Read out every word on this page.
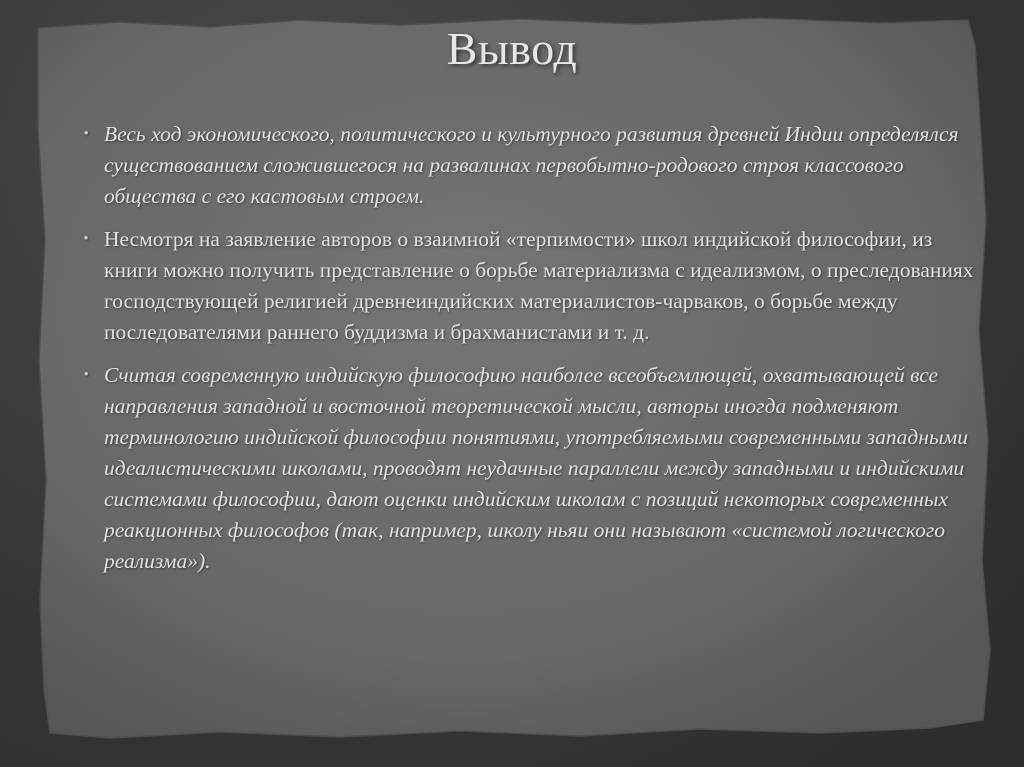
Вывод
• Весь ход экономического, политического и культурного развития древней Индии определялся существованием сложившегося на развалинах первобытно-родового строя классового общества с его кастовым строем.
• Несмотря на заявление авторов о взаимной «терпимости» школ индийской философии, из книги можно получить представление о борьбе материализма с идеализмом, о преследованиях господствующей религией древнеиндийских материалистов-чарваков, о борьбе между последователями раннего буддизма и брахманистами и т. д.
• Считая современную индийскую философию наиболее всеобъемлющей, охватывающей все направления западной и восточной теоретической мысли, авторы иногда подменяют терминологию индийской философии понятиями, употребляемыми современными западными идеалистическими школами, проводят неудачные параллели между западными и индийскими системами философии, дают оценки индийским школам с позиций некоторых современных реакционных философов (так, например, школу ньяи они называют «системой логического реализма»).
